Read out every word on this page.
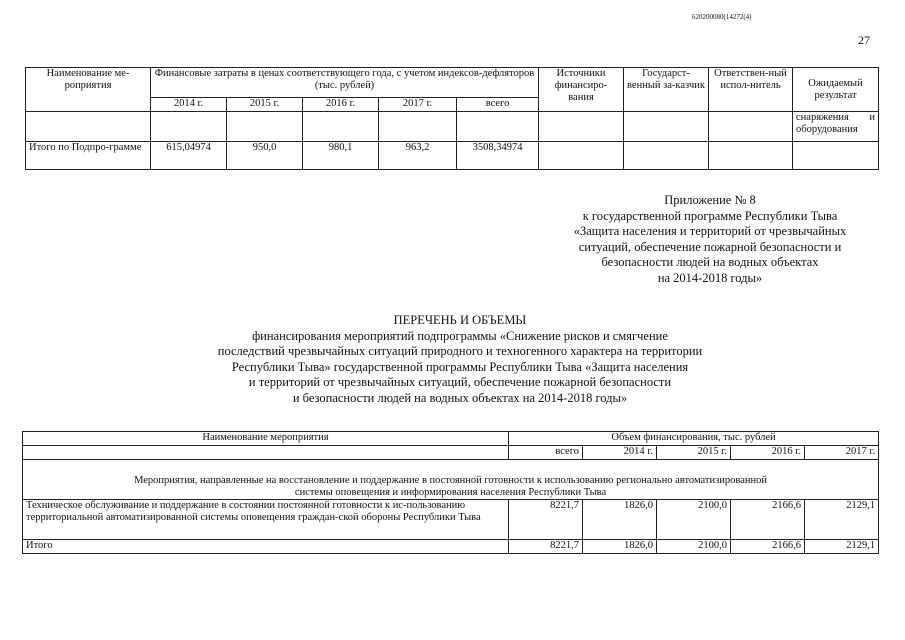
620200080(14272(4)
27
Наименование ме-роприятия	Финансовые затраты в ценах соответствующего года, с учетом индексов-дефляторов (тыс. рублей)					Источники финансиро-вания	Государст-венный за-казчик	Ответствен-ный испол-нитель	Ожидаемый результат
	2014 г.	2015 г.	2016 г.	2017 г.	всего				
									снаряжения и оборудования
Итого по Подпро-грамме	615,04974	950,0	980,1	963,2	3508,34974				
Приложение № 8
к государственной программе Республики Тыва
«Защита населения и территорий от чрезвычайных
ситуаций, обеспечение пожарной безопасности и
безопасности людей на водных объектах
на 2014-2018 годы»
ПЕРЕЧЕНЬ И ОБЪЕМЫ
финансирования мероприятий подпрограммы «Снижение рисков и смягчение
последствий чрезвычайных ситуаций природного и техногенного характера на территории
Республики Тыва» государственной программы Республики Тыва «Защита населения
и территорий от чрезвычайных ситуаций, обеспечение пожарной безопасности
и безопасности людей на водных объектах на 2014-2018 годы»
Наименование мероприятия	Объем финансирования, тыс. рублей				
	всего	2014 г.	2015 г.	2016 г.	2017 г.
Мероприятия, направленные на восстановление и поддержание в постоянной готовности к использованию регионально автоматизированной системы оповещения и информирования населения Республики Тыва					
Техническое обслуживание и поддержание в состоянии постоянной готовности к ис-пользованию территориальной автоматизированной системы оповещения граждан-ской обороны Республики Тыва	8221,7	1826,0	2100,0	2166,6	2129,1
Итого	8221,7	1826,0	2100,0	2166,6	2129,1
